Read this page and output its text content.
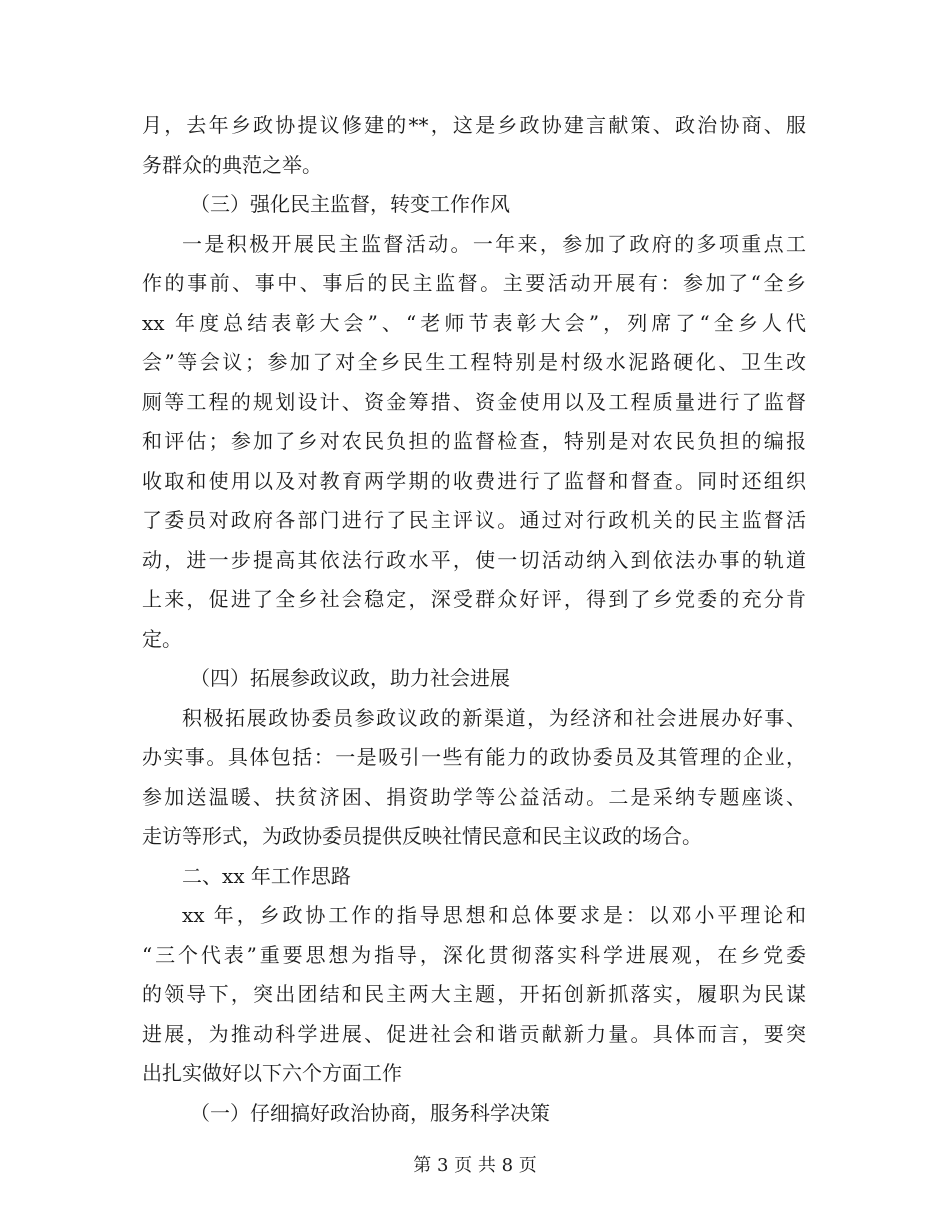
月，去年乡政协提议修建的**，这是乡政协建言献策、政治协商、服
务群众的典范之举。
（三）强化民主监督，转变工作作风
一是积极开展民主监督活动。一年来，参加了政府的多项重点工
作的事前、事中、事后的民主监督。主要活动开展有：参加了“全乡
xx 年度总结表彰大会”、“老师节表彰大会”，列席了“全乡人代
会”等会议；参加了对全乡民生工程特别是村级水泥路硬化、卫生改
厕等工程的规划设计、资金筹措、资金使用以及工程质量进行了监督
和评估；参加了乡对农民负担的监督检查，特别是对农民负担的编报
收取和使用以及对教育两学期的收费进行了监督和督查。同时还组织
了委员对政府各部门进行了民主评议。通过对行政机关的民主监督活
动，进一步提高其依法行政水平，使一切活动纳入到依法办事的轨道
上来，促进了全乡社会稳定，深受群众好评，得到了乡党委的充分肯
定。
（四）拓展参政议政，助力社会进展
积极拓展政协委员参政议政的新渠道，为经济和社会进展办好事、
办实事。具体包括：一是吸引一些有能力的政协委员及其管理的企业，
参加送温暖、扶贫济困、捐资助学等公益活动。二是采纳专题座谈、
走访等形式，为政协委员提供反映社情民意和民主议政的场合。
二、xx 年工作思路
xx 年，乡政协工作的指导思想和总体要求是：以邓小平理论和
“三个代表”重要思想为指导，深化贯彻落实科学进展观，在乡党委
的领导下，突出团结和民主两大主题，开拓创新抓落实，履职为民谋
进展，为推动科学进展、促进社会和谐贡献新力量。具体而言，要突
出扎实做好以下六个方面工作
（一）仔细搞好政治协商，服务科学决策
第 3 页 共 8 页
